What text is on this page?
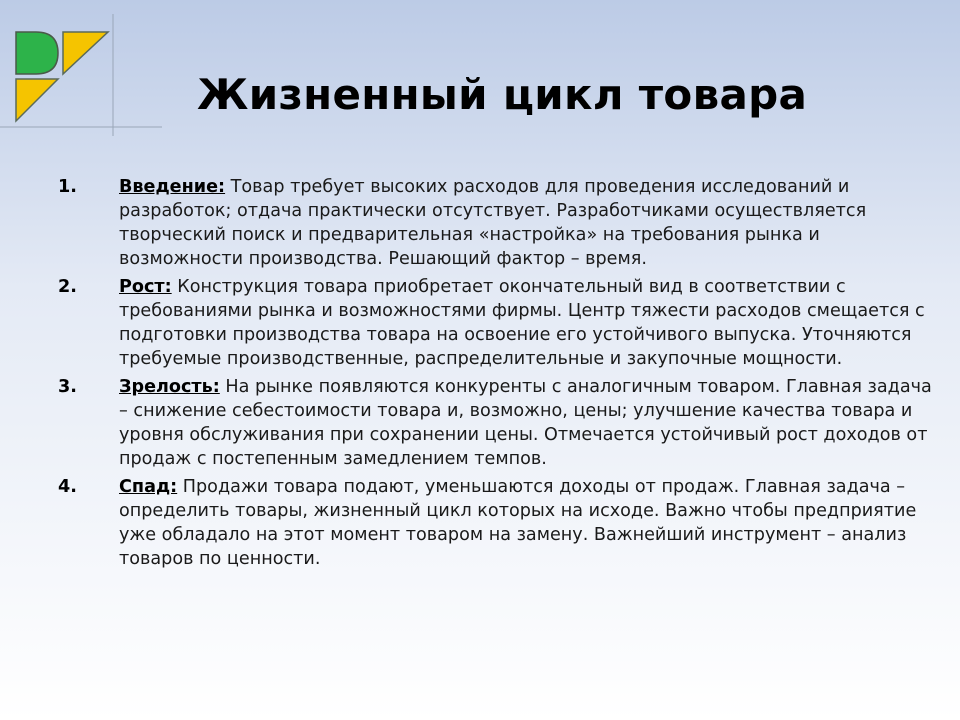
Жизненный цикл товара
1. Введение: Товар требует высоких расходов для проведения исследований и разработок; отдача практически отсутствует. Разработчиками осуществляется творческий поиск и предварительная «настройка» на требования рынка и возможности производства. Решающий фактор – время.
2. Рост: Конструкция товара приобретает окончательный вид в соответствии с требованиями рынка и возможностями фирмы. Центр тяжести расходов смещается с подготовки производства товара на освоение его устойчивого выпуска. Уточняются требуемые производственные, распределительные и закупочные мощности.
3. Зрелость: На рынке появляются конкуренты с аналогичным товаром. Главная задача – снижение себестоимости товара и, возможно, цены; улучшение качества товара и уровня обслуживания при сохранении цены. Отмечается устойчивый рост доходов от продаж с постепенным замедлением темпов.
4. Спад: Продажи товара подают, уменьшаются доходы от продаж. Главная задача – определить товары, жизненный цикл которых на исходе. Важно чтобы предприятие уже обладало на этот момент товаром на замену. Важнейший инструмент – анализ товаров по ценности.
